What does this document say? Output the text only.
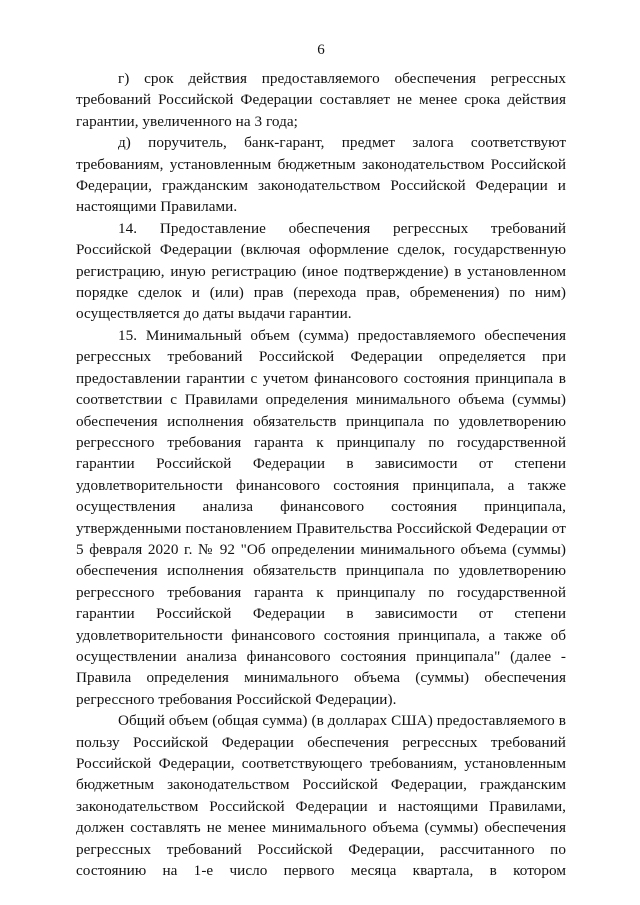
6

г) срок действия предоставляемого обеспечения регрессных требований Российской Федерации составляет не менее срока действия гарантии, увеличенного на 3 года;

д) поручитель, банк-гарант, предмет залога соответствуют требованиям, установленным бюджетным законодательством Российской Федерации, гражданским законодательством Российской Федерации и настоящими Правилами.

14. Предоставление обеспечения регрессных требований Российской Федерации (включая оформление сделок, государственную регистрацию, иную регистрацию (иное подтверждение) в установленном порядке сделок и (или) прав (перехода прав, обременения) по ним) осуществляется до даты выдачи гарантии.

15. Минимальный объем (сумма) предоставляемого обеспечения регрессных требований Российской Федерации определяется при предоставлении гарантии с учетом финансового состояния принципала в соответствии с Правилами определения минимального объема (суммы) обеспечения исполнения обязательств принципала по удовлетворению регрессного требования гаранта к принципалу по государственной гарантии Российской Федерации в зависимости от степени удовлетворительности финансового состояния принципала, а также осуществления анализа финансового состояния принципала, утвержденными постановлением Правительства Российской Федерации от 5 февраля 2020 г. № 92 "Об определении минимального объема (суммы) обеспечения исполнения обязательств принципала по удовлетворению регрессного требования гаранта к принципалу по государственной гарантии Российской Федерации в зависимости от степени удовлетворительности финансового состояния принципала, а также об осуществлении анализа финансового состояния принципала" (далее - Правила определения минимального объема (суммы) обеспечения регрессного требования Российской Федерации).

Общий объем (общая сумма) (в долларах США) предоставляемого в пользу Российской Федерации обеспечения регрессных требований Российской Федерации, соответствующего требованиям, установленным бюджетным законодательством Российской Федерации, гражданским законодательством Российской Федерации и настоящими Правилами, должен составлять не менее минимального объема (суммы) обеспечения регрессных требований Российской Федерации, рассчитанного по состоянию на 1-е число первого месяца квартала, в котором
